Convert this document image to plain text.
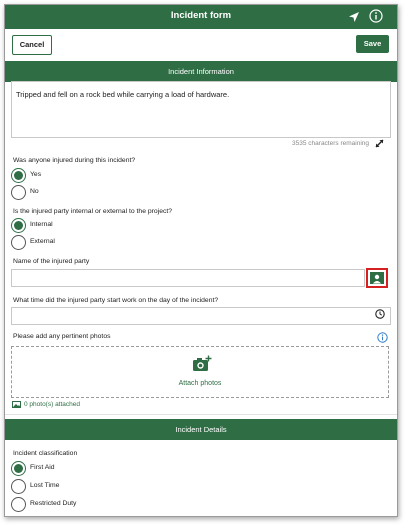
Incident form
Cancel	Save
Incident Information
Tripped and fell on a rock bed while carrying a load of hardware.
3535 characters remaining
Was anyone injured during this incident?
Yes
No
Is the injured party internal or external to the project?
Internal
External
Name of the injured party
What time did the injured party start work on the day of the incident?
Please add any pertinent photos
Attach photos
0 photo(s) attached
Incident Details
Incident classification
First Aid
Lost Time
Restricted Duty
